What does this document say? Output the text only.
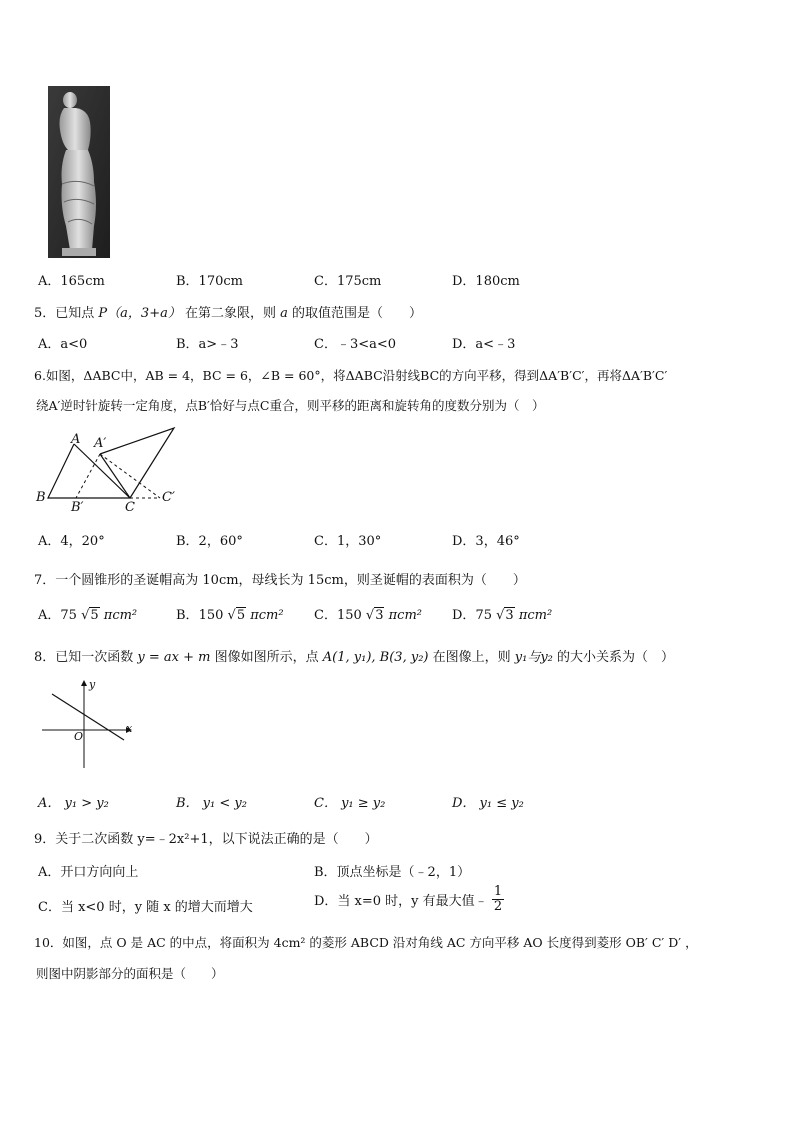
A．165cm	B．170cm	C．175cm	D．180cm
5．已知点 P（a，3+a） 在第二象限，则 a 的取值范围是（　　）
A．a<0	B．a>﹣3	C．﹣3<a<0	D．a<﹣3
6.如图，ΔABC中，AB = 4，BC = 6，∠B = 60°，将ΔABC沿射线BC的方向平移，得到ΔA′B′C′，再将ΔA′B′C′
绕A′逆时针旋转一定角度，点B′恰好与点C重合，则平移的距离和旋转角的度数分别为（　）
A A′
B
B′	C
C′
A．4，20°	B．2，60°	C．1，30°	D．3，46°
7．一个圆锥形的圣诞帽高为 10cm，母线长为 15cm，则圣诞帽的表面积为（　　）
A．75 √5 πcm²	B．150 √5 πcm² C．150 √3 πcm² D．75 √3 πcm²
8．已知一次函数 y = ax + m 图像如图所示，点 A(1, y₁), B(3, y₂) 在图像上，则 y₁与y₂ 的大小关系为（　）
y
x
O
A． y₁ > y₂	B． y₁ < y₂	C． y₁ ≥ y₂	D． y₁ ≤ y₂
9．关于二次函数 y=﹣2x²+1，以下说法正确的是（　　）
A．开口方向向上	B．顶点坐标是（﹣2，1）
C．当 x<0 时，y 随 x 的增大而增大	D．当 x=0 时，y 有最大值﹣ $\frac{1}{2}$
10．如图，点 O 是 AC 的中点，将面积为 4cm² 的菱形 ABCD 沿对角线 AC 方向平移 AO 长度得到菱形 OB′ C′ D′ ，
则图中阴影部分的面积是（　　）
